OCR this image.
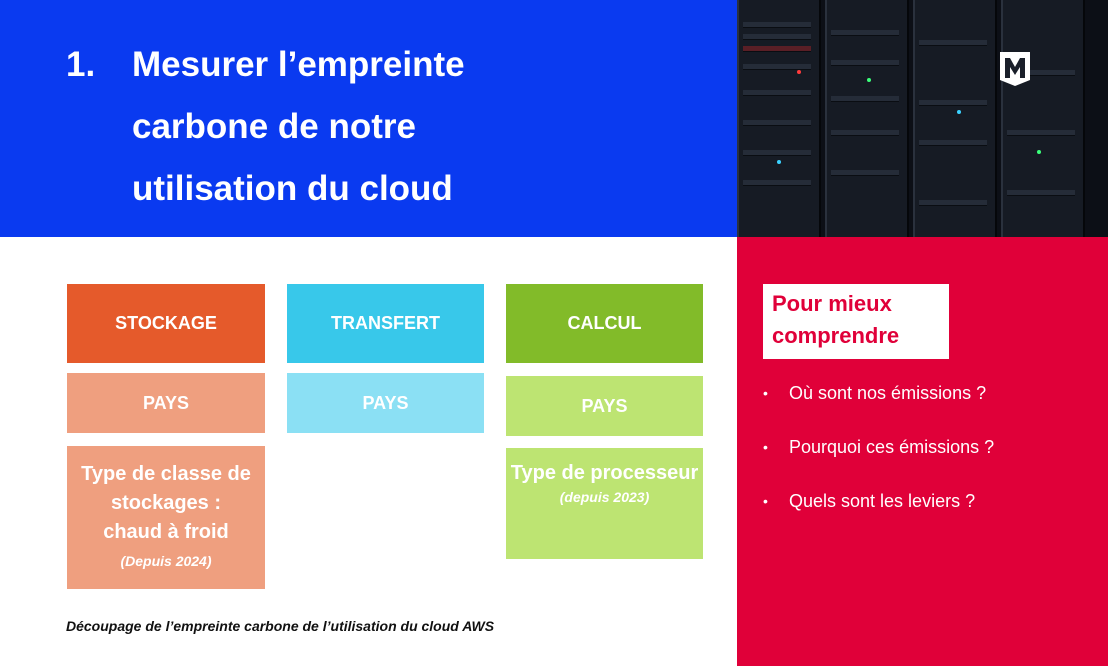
1. Mesurer l’empreinte
carbone de notre
utilisation du cloud
STOCKAGE
PAYS
Type de classe de
stockages :
chaud à froid
(Depuis 2024)
TRANSFERT
PAYS
CALCUL
PAYS
Type de processeur
(depuis 2023)
Découpage de l’empreinte carbone de l’utilisation du cloud AWS
Pour mieux
comprendre
•	Où sont nos émissions ?
•	Pourquoi ces émissions ?
•	Quels sont les leviers ?
